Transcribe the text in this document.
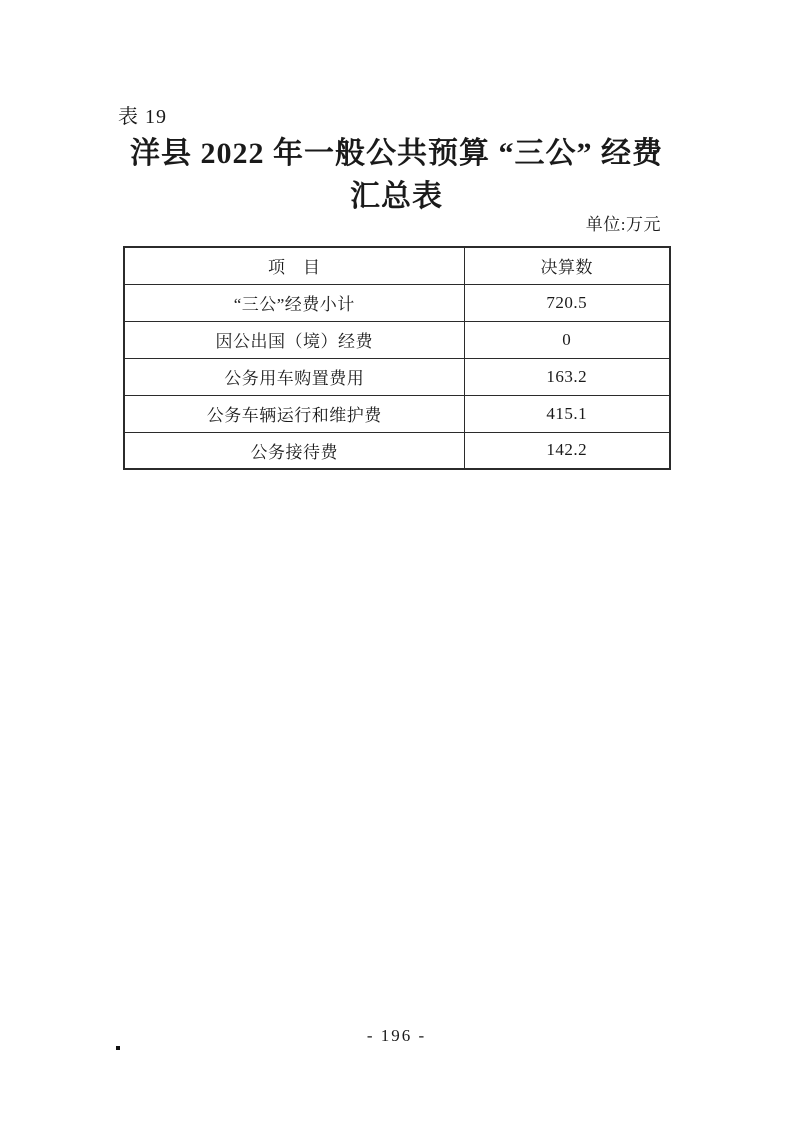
表 19
洋县 2022 年一般公共预算 “三公” 经费
汇总表
单位:万元
项　目	决算数
“三公”经费小计	720.5
因公出国（境）经费	0
公务用车购置费用	163.2
公务车辆运行和维护费	415.1
公务接待费	142.2
- 196 -
